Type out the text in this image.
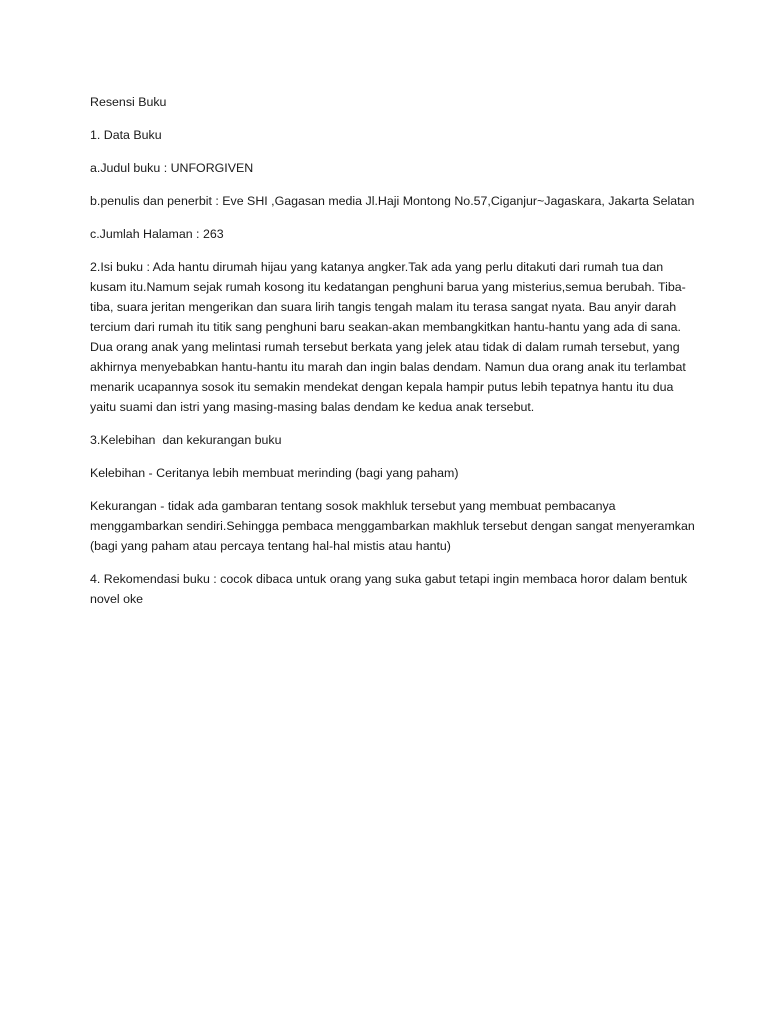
Resensi Buku

1. Data Buku

a.Judul buku : UNFORGIVEN

b.penulis dan penerbit : Eve SHI ,Gagasan media Jl.Haji Montong No.57,Ciganjur~Jagaskara, Jakarta Selatan

c.Jumlah Halaman : 263

2.Isi buku : Ada hantu dirumah hijau yang katanya angker.Tak ada yang perlu ditakuti dari rumah tua dan kusam itu.Namum sejak rumah kosong itu kedatangan penghuni barua yang misterius,semua berubah. Tiba-tiba, suara jeritan mengerikan dan suara lirih tangis tengah malam itu terasa sangat nyata. Bau anyir darah tercium dari rumah itu titik sang penghuni baru seakan-akan membangkitkan hantu-hantu yang ada di sana. Dua orang anak yang melintasi rumah tersebut berkata yang jelek atau tidak di dalam rumah tersebut, yang akhirnya menyebabkan hantu-hantu itu marah dan ingin balas dendam. Namun dua orang anak itu terlambat menarik ucapannya sosok itu semakin mendekat dengan kepala hampir putus lebih tepatnya hantu itu dua yaitu suami dan istri yang masing-masing balas dendam ke kedua anak tersebut.

3.Kelebihan  dan kekurangan buku

Kelebihan - Ceritanya lebih membuat merinding (bagi yang paham)

Kekurangan - tidak ada gambaran tentang sosok makhluk tersebut yang membuat pembacanya menggambarkan sendiri.Sehingga pembaca menggambarkan makhluk tersebut dengan sangat menyeramkan (bagi yang paham atau percaya tentang hal-hal mistis atau hantu)

4. Rekomendasi buku : cocok dibaca untuk orang yang suka gabut tetapi ingin membaca horor dalam bentuk novel oke
